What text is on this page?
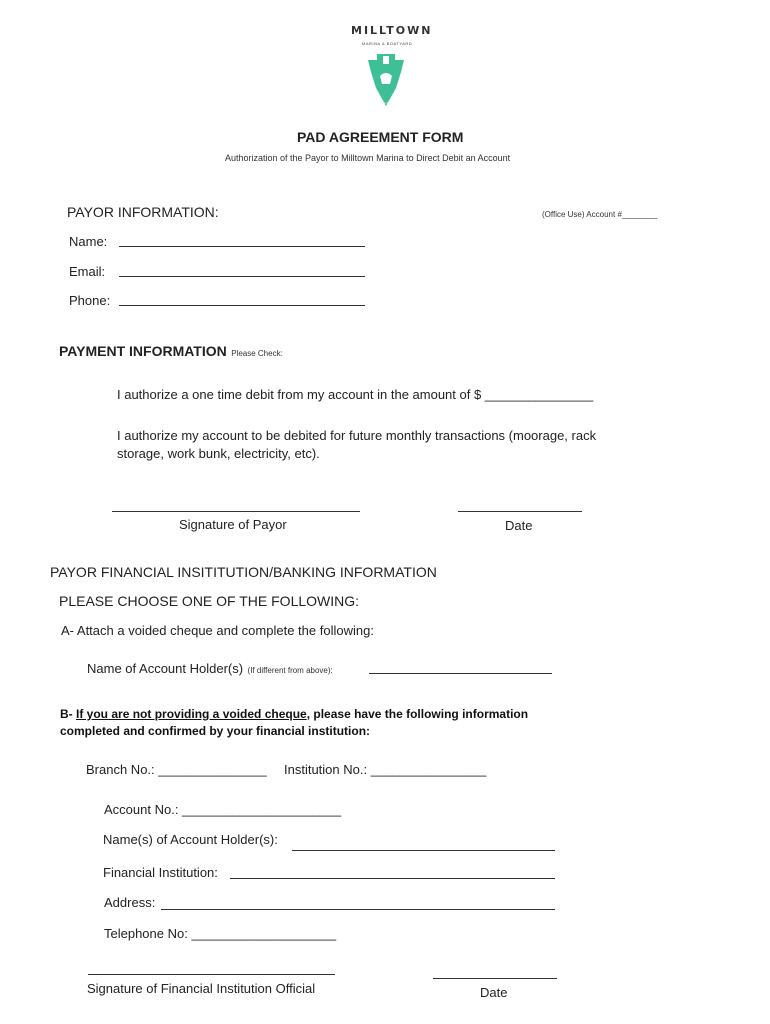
MILLTOWN
MARINA & BOATYARD
PAD AGREEMENT FORM
Authorization of the Payor to Milltown Marina to Direct Debit an Account
PAYOR INFORMATION:	(Office Use) Account #________
Name:
Email:
Phone:
PAYMENT INFORMATION Please Check:
I authorize a one time debit from my account in the amount of $ _______________
I authorize my account to be debited for future monthly transactions (moorage, rack
storage, work bunk, electricity, etc).
Signature of Payor	Date
PAYOR FINANCIAL INSITITUTION/BANKING INFORMATION
PLEASE CHOOSE ONE OF THE FOLLOWING:
A- Attach a voided cheque and complete the following:
Name of Account Holder(s) (If different from above):
B- If you are not providing a voided cheque, please have the following information
completed and confirmed by your financial institution:
Branch No.: _______________ Institution No.: ________________
Account No.: ______________________
Name(s) of Account Holder(s):
Financial Institution:
Address:
Telephone No: ____________________
Signature of Financial Institution Official	Date
